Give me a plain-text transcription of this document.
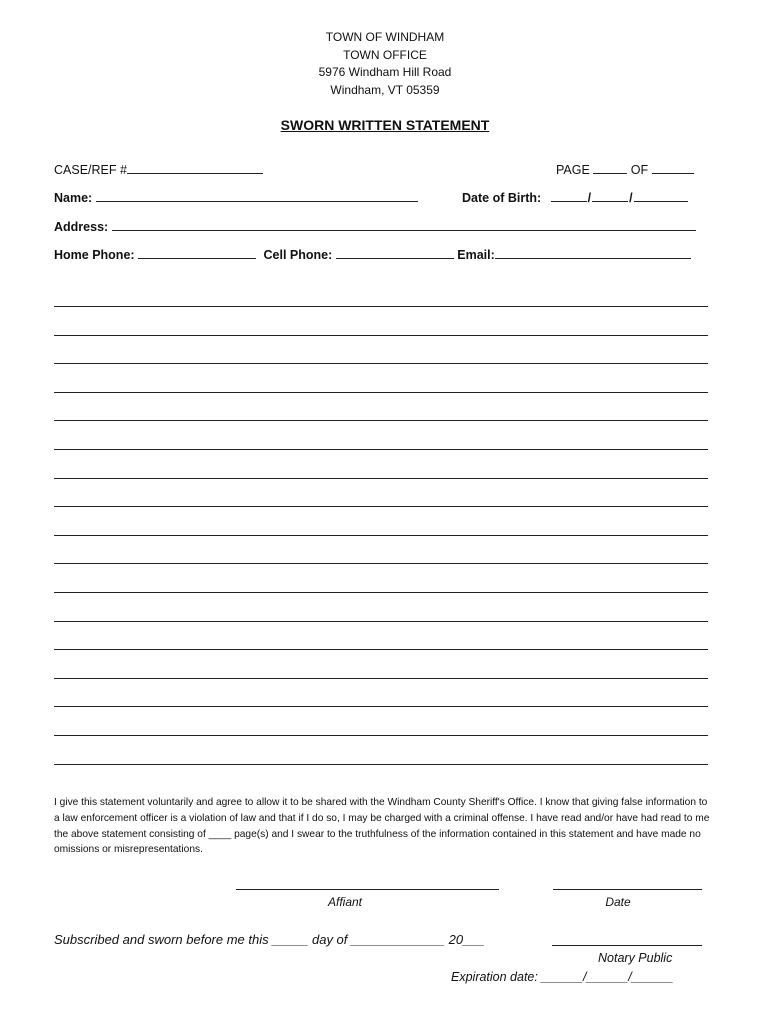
TOWN OF WINDHAM
TOWN OFFICE
5976 Windham Hill Road
Windham, VT 05359
SWORN WRITTEN STATEMENT
CASE/REF #	PAGE	OF
Name:	Date of Birth:	/	/
Address:
Home Phone:	Cell Phone:	Email:
I give this statement voluntarily and agree to allow it to be shared with the Windham County Sheriff's Office. I know that giving false information to a law enforcement officer is a violation of law and that if I do so, I may be charged with a criminal offense. I have read and/or have had read to me the above statement consisting of ____ page(s) and I swear to the truthfulness of the information contained in this statement and have made no omissions or misrepresentations.
Affiant	Date
Subscribed and sworn before me this _____ day of _____________ 20___
Notary Public
Expiration date: ______/______/______
